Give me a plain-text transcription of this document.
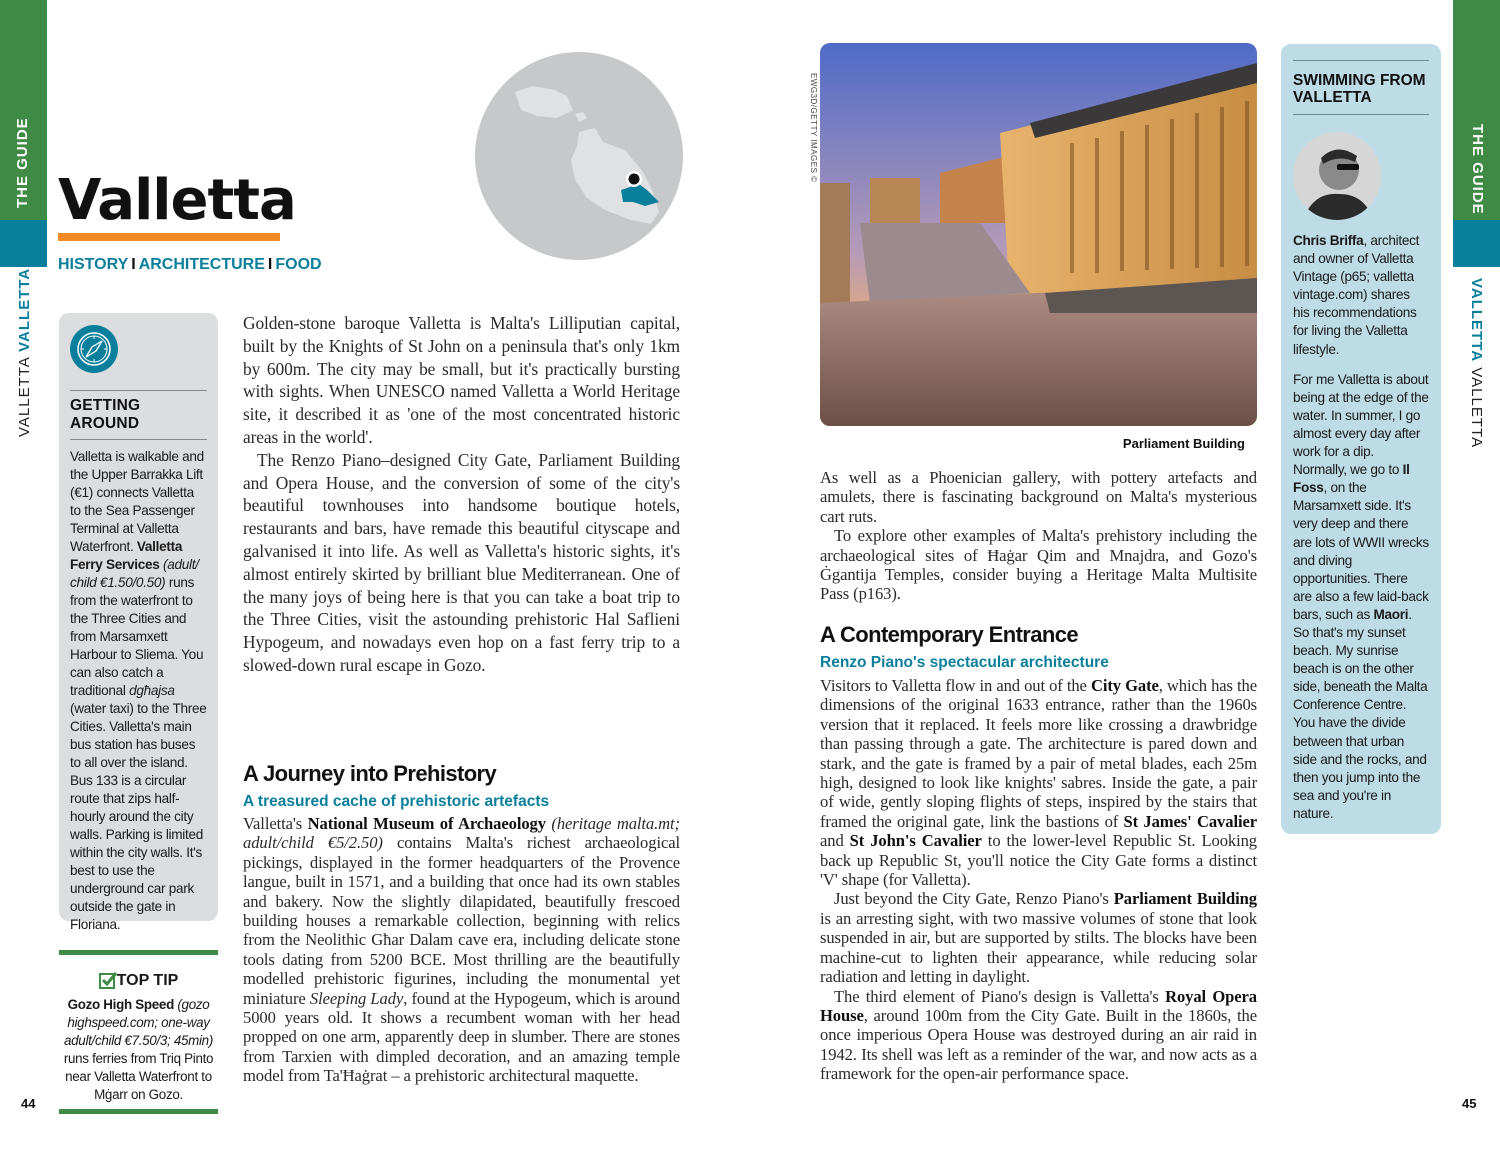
THE GUIDE
VALLETTA VALLETTA
THE GUIDE
VALLETTA VALLETTA
Valletta
HISTORY I ARCHITECTURE I FOOD
GETTING AROUND
Valletta is walkable and the Upper Barrakka Lift (€1) connects Valletta to the Sea Passenger Terminal at Valletta Waterfront. Valletta Ferry Services (adult/ child €1.50/0.50) runs from the waterfront to the Three Cities and from Marsamxett Harbour to Sliema. You can also catch a traditional dgħajsa (water taxi) to the Three Cities. Valletta's main bus station has buses to all over the island. Bus 133 is a circular route that zips half-hourly around the city walls. Parking is limited within the city walls. It's best to use the underground car park outside the gate in Floriana.
TOP TIP
Gozo High Speed (gozo highspeed.com; one-way adult/child €7.50/3; 45min) runs ferries from Triq Pinto near Valletta Waterfront to Mġarr on Gozo.
44	45

Golden-stone baroque Valletta is Malta's Lilliputian capital, built by the Knights of St John on a peninsula that's only 1km by 600m. The city may be small, but it's practically bursting with sights. When UNESCO named Valletta a World Heritage site, it described it as 'one of the most concentrated historic areas in the world'.

The Renzo Piano–designed City Gate, Parliament Building and Opera House, and the conversion of some of the city's beautiful townhouses into handsome boutique hotels, restaurants and bars, have remade this beautiful cityscape and galvanised it into life. As well as Valletta's historic sights, it's almost entirely skirted by brilliant blue Mediterranean. One of the many joys of being here is that you can take a boat trip to the Three Cities, visit the astounding prehistoric Hal Saflieni Hypogeum, and nowadays even hop on a fast ferry trip to a slowed-down rural escape in Gozo.

A Journey into Prehistory
A treasured cache of prehistoric artefacts

Valletta's National Museum of Archaeology (heritage malta.mt; adult/child €5/2.50) contains Malta's richest archaeological pickings, displayed in the former headquarters of the Provence langue, built in 1571, and a building that once had its own stables and bakery. Now the slightly dilapidated, beautifully frescoed building houses a remarkable collection, beginning with relics from the Neolithic Għar Dalam cave era, including delicate stone tools dating from 5200 BCE. Most thrilling are the beautifully modelled prehistoric figurines, including the monumental yet miniature Sleeping Lady, found at the Hypogeum, which is around 5000 years old. It shows a recumbent woman with her head propped on one arm, apparently deep in slumber. There are stones from Tarxien with dimpled decoration, and an amazing temple model from Ta'Ħaġrat – a prehistoric architectural maquette.

EWG3D/GETTY IMAGES ©
Parliament Building

As well as a Phoenician gallery, with pottery artefacts and amulets, there is fascinating background on Malta's mysterious cart ruts.

To explore other examples of Malta's prehistory including the archaeological sites of Ħaġar Qim and Mnajdra, and Gozo's Ġgantija Temples, consider buying a Heritage Malta Multisite Pass (p163).

A Contemporary Entrance
Renzo Piano's spectacular architecture

Visitors to Valletta flow in and out of the City Gate, which has the dimensions of the original 1633 entrance, rather than the 1960s version that it replaced. It feels more like crossing a drawbridge than passing through a gate. The architecture is pared down and stark, and the gate is framed by a pair of metal blades, each 25m high, designed to look like knights' sabres. Inside the gate, a pair of wide, gently sloping flights of steps, inspired by the stairs that framed the original gate, link the bastions of St James' Cavalier and St John's Cavalier to the lower-level Republic St. Looking back up Republic St, you'll notice the City Gate forms a distinct 'V' shape (for Valletta).

Just beyond the City Gate, Renzo Piano's Parliament Building is an arresting sight, with two massive volumes of stone that look suspended in air, but are supported by stilts. The blocks have been machine-cut to lighten their appearance, while reducing solar radiation and letting in daylight.

The third element of Piano's design is Valletta's Royal Opera House, around 100m from the City Gate. Built in the 1860s, the once imperious Opera House was destroyed during an air raid in 1942. Its shell was left as a reminder of the war, and now acts as a framework for the open-air performance space.

SWIMMING FROM VALLETTA

Chris Briffa, architect and owner of Valletta Vintage (p65; valletta vintage.com) shares his recommendations for living the Valletta lifestyle.

For me Valletta is about being at the edge of the water. In summer, I go almost every day after work for a dip. Normally, we go to Il Foss, on the Marsamxett side. It's very deep and there are lots of WWII wrecks and diving opportunities. There are also a few laid-back bars, such as Maori. So that's my sunset beach. My sunrise beach is on the other side, beneath the Malta Conference Centre. You have the divide between that urban side and the rocks, and then you jump into the sea and you're in nature.
